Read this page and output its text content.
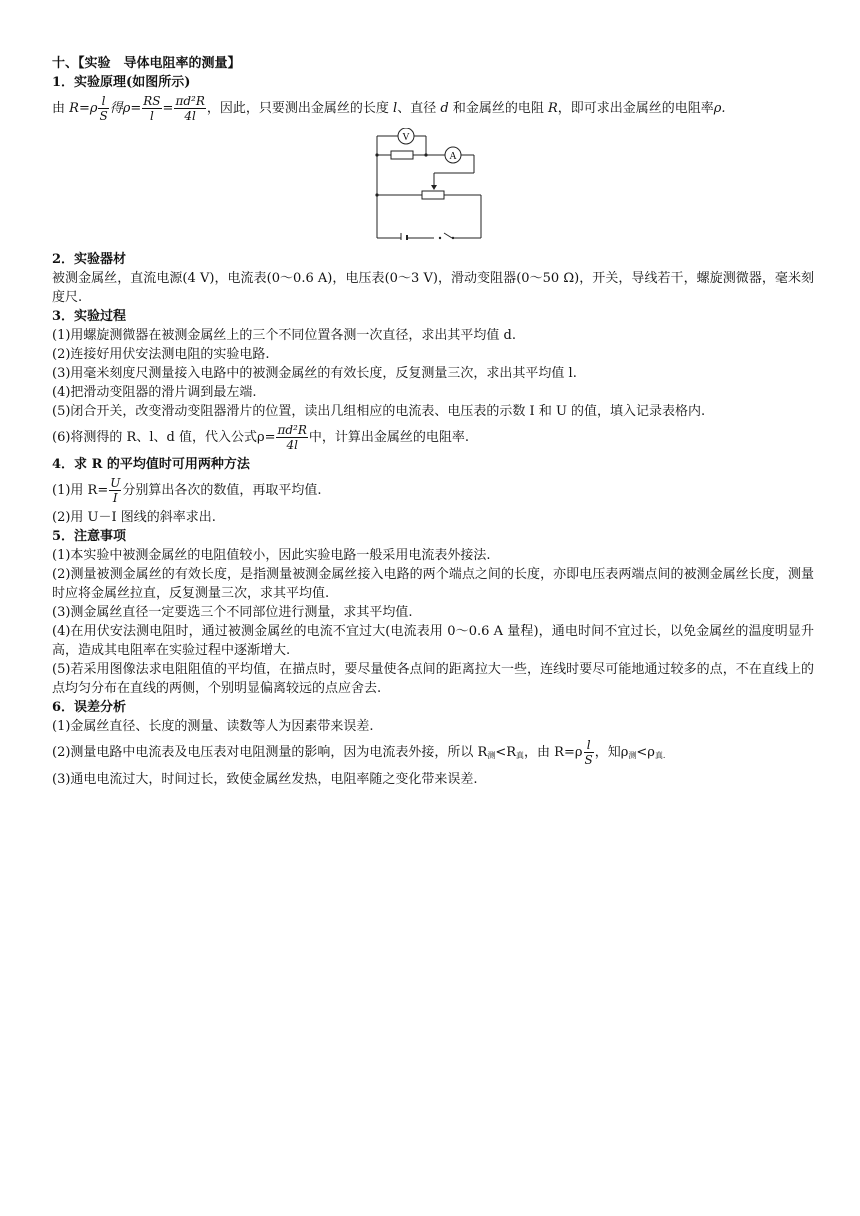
十、【实验　导体电阻率的测量】
1．实验原理(如图所示)
由 $R=\rho \frac{l}{S}$ 得$\rho= \frac{RS}{l} = \frac{\text{πd²R}}{4l}$ ，因此，只要测出金属丝的长度 l、直径 d 和金属丝的电阻 R，即可求出金属丝的电阻率ρ.
V
A
2．实验器材
被测金属丝，直流电源(4 V)，电流表(0～0.6 A)，电压表(0～3 V)，滑动变阻器(0～50 Ω)，开关，导线若干，螺旋测微器，毫米刻度尺.
3．实验过程
(1)用螺旋测微器在被测金属丝上的三个不同位置各测一次直径，求出其平均值 d.
(2)连接好用伏安法测电阻的实验电路.
(3)用毫米刻度尺测量接入电路中的被测金属丝的有效长度，反复测量三次，求出其平均值 l.
(4)把滑动变阻器的滑片调到最左端.
(5)闭合开关，改变滑动变阻器滑片的位置，读出几组相应的电流表、电压表的示数 I 和 U 的值，填入记录表格内.
(6)将测得的 R、l、d 值，代入公式$\rho= \frac{\text{πd²R}}{4l}$ 中，计算出金属丝的电阻率.
4．求 R 的平均值时可用两种方法
(1)用 $R= \frac{U}{I}$ 分别算出各次的数值，再取平均值.
(2)用 U－I 图线的斜率求出.
5．注意事项
(1)本实验中被测金属丝的电阻值较小，因此实验电路一般采用电流表外接法.
(2)测量被测金属丝的有效长度，是指测量被测金属丝接入电路的两个端点之间的长度，亦即电压表两端点间的被测金属丝长度，测量时应将金属丝拉直，反复测量三次，求其平均值.
(3)测金属丝直径一定要选三个不同部位进行测量，求其平均值.
(4)在用伏安法测电阻时，通过被测金属丝的电流不宜过大(电流表用 0～0.6 A 量程)，通电时间不宜过长，以免金属丝的温度明显升高，造成其电阻率在实验过程中逐渐增大.
(5)若采用图像法求电阻阻值的平均值，在描点时，要尽量使各点间的距离拉大一些，连线时要尽可能地通过较多的点，不在直线上的点均匀分布在直线的两侧，个别明显偏离较远的点应舍去.
6．误差分析
(1)金属丝直径、长度的测量、读数等人为因素带来误差.
(2)测量电路中电流表及电压表对电阻测量的影响，因为电流表外接，所以 $R_测<R_真$，由 $R=\rho \frac{l}{S}$ ，知$\rho_测<\rho_{真.}$
(3)通电电流过大，时间过长，致使金属丝发热，电阻率随之变化带来误差.
